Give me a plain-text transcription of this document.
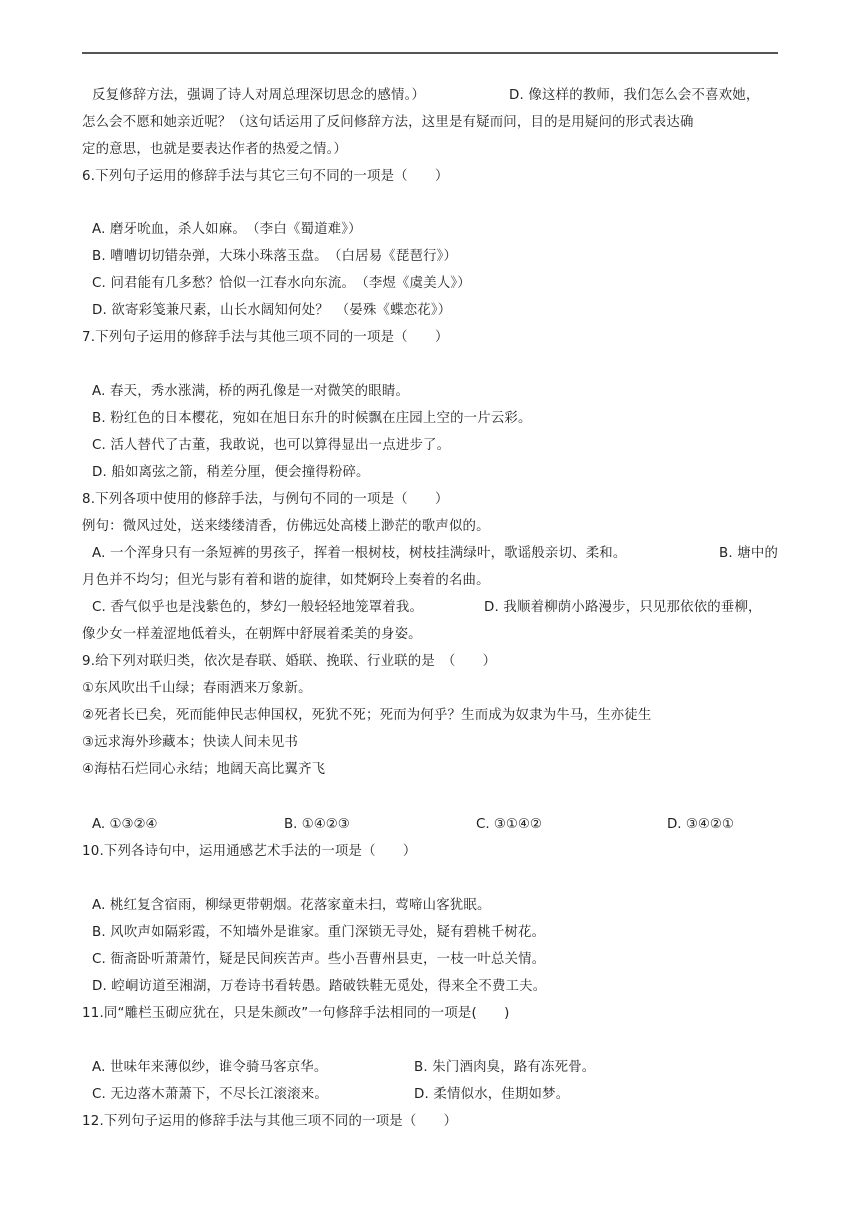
反复修辞方法，强调了诗人对周总理深切思念的感情。）	D. 像这样的教师，我们怎么会不喜欢她，
怎么会不愿和她亲近呢？（这句话运用了反问修辞方法，这里是有疑而问，目的是用疑问的形式表达确
定的意思，也就是要表达作者的热爱之情。）
6.下列句子运用的修辞手法与其它三句不同的一项是（　　）
A. 磨牙吮血，杀人如麻。　（李白《蜀道难》）
B. 嘈嘈切切错杂弹，大珠小珠落玉盘。　（白居易《琵琶行》）
C. 问君能有几多愁？恰似一江春水向东流。　（李煜《虞美人》）
D. 欲寄彩笺兼尺素，山长水阔知何处？　（晏殊《蝶恋花》）
7.下列句子运用的修辞手法与其他三项不同的一项是（　　）
A. 春天，秀水涨满，桥的两孔像是一对微笑的眼睛。
B. 粉红色的日本樱花，宛如在旭日东升的时候飘在庄园上空的一片云彩。
C. 活人替代了古董，我敢说，也可以算得显出一点进步了。
D. 船如离弦之箭，稍差分厘，便会撞得粉碎。
8.下列各项中使用的修辞手法，与例句不同的一项是（　　）
例句：微风过处，送来缕缕清香，仿佛远处高楼上渺茫的歌声似的。
A. 一个浑身只有一条短裤的男孩子，挥着一根树枝，树枝挂满绿叶，歌谣般亲切、柔和。	B. 塘中的
月色并不均匀；但光与影有着和谐的旋律，如梵婀玲上奏着的名曲。
C. 香气似乎也是浅紫色的，梦幻一般轻轻地笼罩着我。	D. 我顺着柳荫小路漫步，只见那依依的垂柳，
像少女一样羞涩地低着头，在朝辉中舒展着柔美的身姿。
9.给下列对联归类，依次是春联、婚联、挽联、行业联的是　（　　）
①东风吹出千山绿；春雨洒来万象新。
②死者长已矣，死而能伸民志伸国权，死犹不死；死而为何乎？生而成为奴隶为牛马，生亦徒生
③远求海外珍藏本；快读人间未见书
④海枯石烂同心永结；地阔天高比翼齐飞
A. ①③②④	B. ①④②③	C. ③①④②	D. ③④②①
10.下列各诗句中，运用通感艺术手法的一项是（　　）
A. 桃红复含宿雨，柳绿更带朝烟。花落家童未扫，莺啼山客犹眠。
B. 风吹声如隔彩霞，不知墙外是谁家。重门深锁无寻处，疑有碧桃千树花。
C. 衙斋卧听萧萧竹，疑是民间疾苦声。些小吾曹州县吏，一枝一叶总关情。
D. 崆峒访道至湘湖，万卷诗书看转愚。踏破铁鞋无觅处，得来全不费工夫。
11.同“雕栏玉砌应犹在，只是朱颜改”一句修辞手法相同的一项是(　　)
A. 世味年来薄似纱，谁令骑马客京华。	B. 朱门酒肉臭，路有冻死骨。
C. 无边落木萧萧下，不尽长江滚滚来。	D. 柔情似水，佳期如梦。
12.下列句子运用的修辞手法与其他三项不同的一项是（　　）
